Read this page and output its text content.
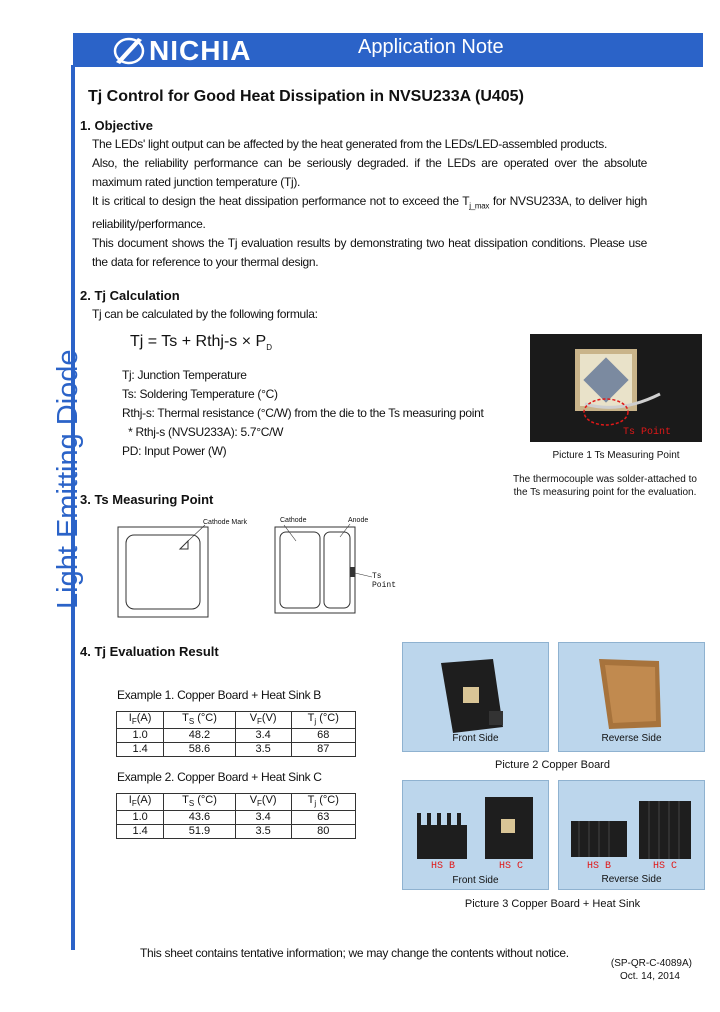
NICHIA	Application Note
Light Emitting Diode
Tj Control for Good Heat Dissipation in NVSU233A (U405)
1. Objective
The LEDs' light output can be affected by the heat generated from the LEDs/LED-assembled products.
Also, the reliability performance can be seriously degraded. if the LEDs are operated over the absolute maximum rated junction temperature (Tj).
It is critical to design the heat dissipation performance not to exceed the $T_{j\_max}$ for NVSU233A, to deliver high reliability/performance.
This document shows the Tj evaluation results by demonstrating two heat dissipation conditions. Please use the data for reference to your thermal design.
2. Tj Calculation
Tj can be calculated by the following formula:
Tj = Ts + Rthj-s × $P_D$
Tj: Junction Temperature
Ts: Soldering Temperature (°C)
Rthj-s: Thermal resistance (°C/W) from the die to the Ts measuring point
* Rthj-s (NVSU233A): 5.7°C/W
PD: Input Power (W)
Ts Point
Picture 1 Ts Measuring Point
The thermocouple was solder-attached to
the Ts measuring point for the evaluation.
3. Ts Measuring Point
Cathode Mark	Cathode	Anode
Ts Point
4. Tj Evaluation Result
Example 1. Copper Board + Heat Sink B
$I_F(A)$	$T_S$ (°C)	$V_F(V)$	$T_j$ (°C)
1.0	48.2	3.4	68
1.4	58.6	3.5	87
Example 2. Copper Board + Heat Sink C
$I_F(A)$	$T_S$ (°C)	$V_F(V)$	$T_j$ (°C)
1.0	43.6	3.4	63
1.4	51.9	3.5	80
Front Side	Reverse Side
Picture 2 Copper Board
HS B	HS C
Front Side
HS B	HS C
Reverse Side
Picture 3 Copper Board + Heat Sink
This sheet contains tentative information; we may change the contents without notice.
(SP-QR-C-4089A)
Oct. 14, 2014
